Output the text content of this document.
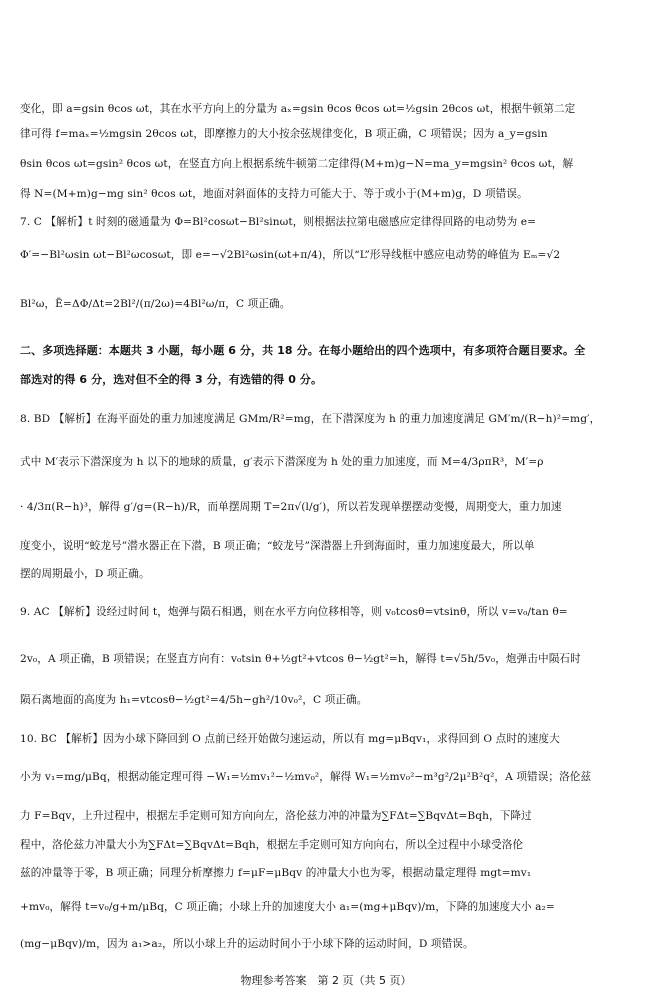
变化，即 a=gsin θcos ωt，其在水平方向上的分量为 aₓ=gsin θcos θcos ωt=½gsin 2θcos ωt，根据牛顿第二定
律可得 f=maₓ=½mgsin 2θcos ωt，即摩擦力的大小按余弦规律变化，B 项正确，C 项错误；因为 a_y=gsin
θsin θcos ωt=gsin² θcos ωt，在竖直方向上根据系统牛顿第二定律得(M+m)g−N=ma_y=mgsin² θcos ωt，解
得 N=(M+m)g−mg sin² θcos ωt，地面对斜面体的支持力可能大于、等于或小于(M+m)g，D 项错误。
7. C 【解析】t 时刻的磁通量为 Φ=Bl²cosωt−Bl²sinωt，则根据法拉第电磁感应定律得回路的电动势为 e=
Φ′=−Bl²ωsin ωt−Bl²ωcosωt，即 e=−√2Bl²ωsin(ωt+π/4)，所以“L”形导线框中感应电动势的峰值为 Eₘ=√2
Bl²ω，Ē=ΔΦ/Δt=2Bl²/(π/2ω)=4Bl²ω/π，C 项正确。
二、多项选择题：本题共 3 小题，每小题 6 分，共 18 分。在每小题给出的四个选项中，有多项符合题目要求。全
部选对的得 6 分，选对但不全的得 3 分，有选错的得 0 分。
8. BD 【解析】在海平面处的重力加速度满足 GMm/R²=mg，在下潜深度为 h 的重力加速度满足 GM′m/(R−h)²=mg′，
式中 M′表示下潜深度为 h 以下的地球的质量，g′表示下潜深度为 h 处的重力加速度，而 M=4/3ρπR³，M′=ρ
· 4/3π(R−h)³，解得 g′/g=(R−h)/R，而单摆周期 T=2π√(l/g′)，所以若发现单摆摆动变慢，周期变大，重力加速
度变小，说明“蛟龙号”潜水器正在下潜，B 项正确；“蛟龙号”深潜器上升到海面时，重力加速度最大，所以单
摆的周期最小，D 项正确。
9. AC 【解析】设经过时间 t，炮弹与陨石相遇，则在水平方向位移相等，则 v₀tcosθ=vtsinθ，所以 v=v₀/tan θ=
2v₀，A 项正确，B 项错误；在竖直方向有：v₀tsin θ+½gt²+vtcos θ−½gt²=h，解得 t=√5h/5v₀，炮弹击中陨石时
陨石离地面的高度为 h₁=vtcosθ−½gt²=4/5h−gh²/10v₀²，C 项正确。
10. BC 【解析】因为小球下降回到 O 点前已经开始做匀速运动，所以有 mg=μBqv₁，求得回到 O 点时的速度大
小为 v₁=mg/μBq，根据动能定理可得 −W₁=½mv₁²−½mv₀²，解得 W₁=½mv₀²−m³g²/2μ²B²q²，A 项错误；洛伦兹
力 F=Bqv，上升过程中，根据左手定则可知方向向左，洛伦兹力冲的冲量为∑FΔt=∑BqvΔt=Bqh，下降过
程中，洛伦兹力冲量大小为∑FΔt=∑BqvΔt=Bqh，根据左手定则可知方向向右，所以全过程中小球受洛伦
兹的冲量等于零，B 项正确；同理分析摩擦力 f=μF=μBqv 的冲量大小也为零，根据动量定理得 mgt=mv₁
+mv₀，解得 t=v₀/g+m/μBq，C 项正确；小球上升的加速度大小 a₁=(mg+μBqv)/m，下降的加速度大小 a₂=
(mg−μBqv)/m，因为 a₁>a₂，所以小球上升的运动时间小于小球下降的运动时间，D 项错误。
物理参考答案　第 2 页（共 5 页）
